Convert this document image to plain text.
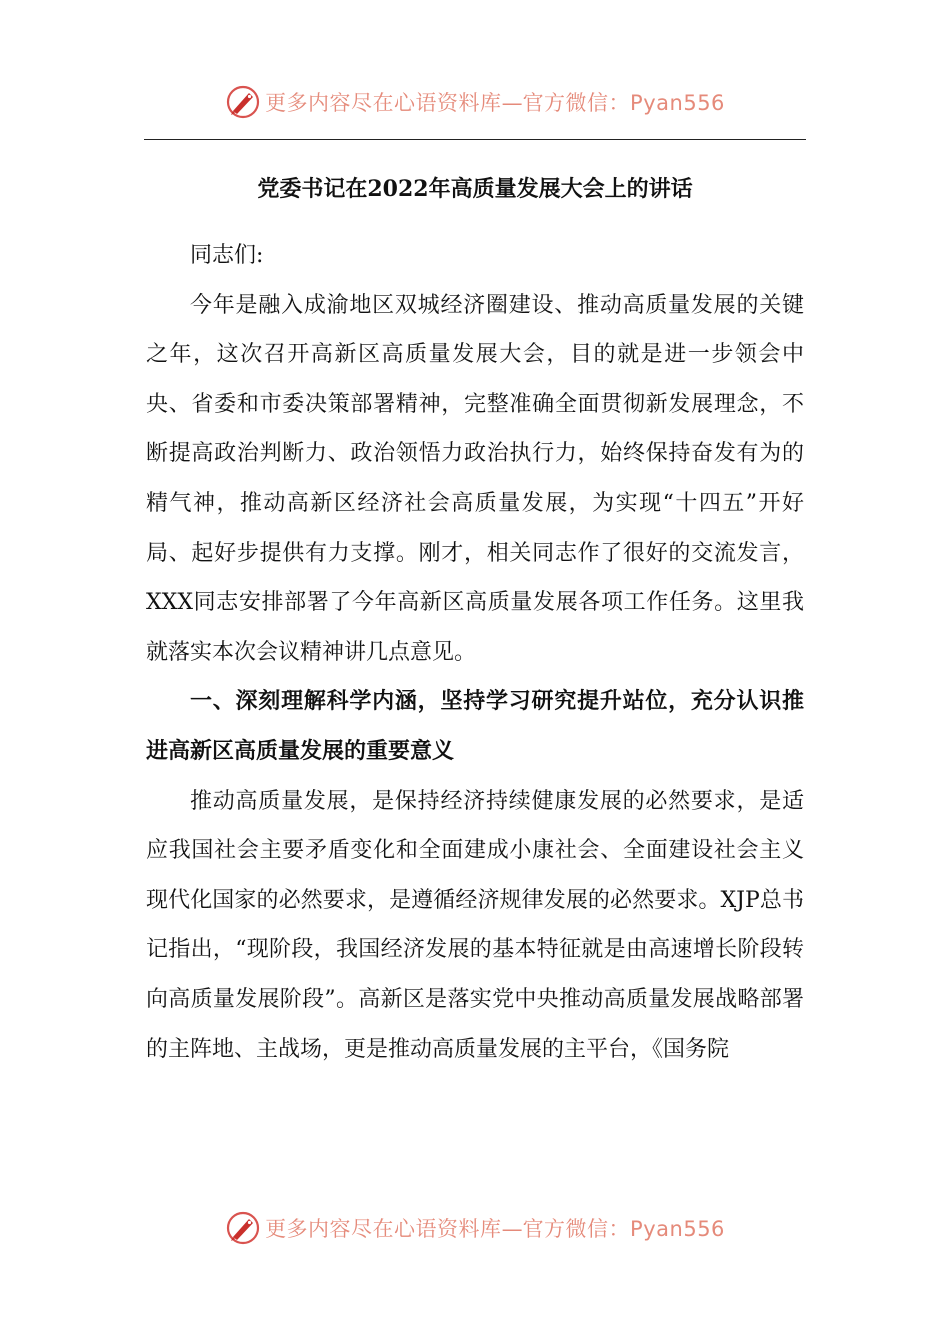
更多内容尽在心语资料库—官方微信：Pyan556
党委书记在2022年高质量发展大会上的讲话

同志们:

今年是融入成渝地区双城经济圈建设、推动高质量发展的关键之年，这次召开高新区高质量发展大会，目的就是进一步领会中央、省委和市委决策部署精神，完整准确全面贯彻新发展理念，不断提高政治判断力、政治领悟力政治执行力，始终保持奋发有为的精气神，推动高新区经济社会高质量发展，为实现“十四五”开好局、起好步提供有力支撑。刚才，相关同志作了很好的交流发言，XXX同志安排部署了今年高新区高质量发展各项工作任务。这里我就落实本次会议精神讲几点意见。

一、深刻理解科学内涵，坚持学习研究提升站位，充分认识推进高新区高质量发展的重要意义

推动高质量发展，是保持经济持续健康发展的必然要求，是适应我国社会主要矛盾变化和全面建成小康社会、全面建设社会主义现代化国家的必然要求，是遵循经济规律发展的必然要求。XJP总书记指出，“现阶段，我国经济发展的基本特征就是由高速增长阶段转向高质量发展阶段”。高新区是落实党中央推动高质量发展战略部署的主阵地、主战场，更是推动高质量发展的主平台，《国务院

更多内容尽在心语资料库—官方微信：Pyan556
